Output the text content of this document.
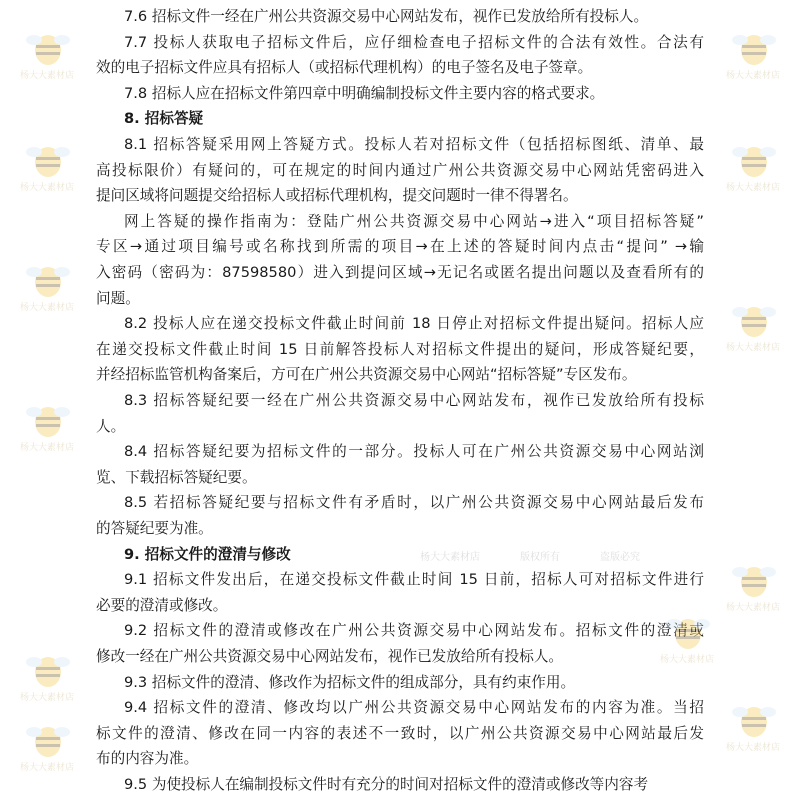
7.6 招标文件一经在广州公共资源交易中心网站发布，视作已发放给所有投标人。
7.7 投标人获取电子招标文件后，应仔细检查电子招标文件的合法有效性。合法有
效的电子招标文件应具有招标人（或招标代理机构）的电子签名及电子签章。
7.8 招标人应在招标文件第四章中明确编制投标文件主要内容的格式要求。
8. 招标答疑
8.1 招标答疑采用网上答疑方式。投标人若对招标文件（包括招标图纸、清单、最
高投标限价）有疑问的，可在规定的时间内通过广州公共资源交易中心网站凭密码进入
提问区域将问题提交给招标人或招标代理机构，提交问题时一律不得署名。
网上答疑的操作指南为：登陆广州公共资源交易中心网站→进入“项目招标答疑”
专区→通过项目编号或名称找到所需的项目→在上述的答疑时间内点击“提问” →输
入密码（密码为：87598580）进入到提问区域→无记名或匿名提出问题以及查看所有的
问题。
8.2 投标人应在递交投标文件截止时间前 18 日停止对招标文件提出疑问。招标人应
在递交投标文件截止时间 15 日前解答投标人对招标文件提出的疑问，形成答疑纪要，
并经招标监管机构备案后，方可在广州公共资源交易中心网站“招标答疑”专区发布。
8.3 招标答疑纪要一经在广州公共资源交易中心网站发布，视作已发放给所有投标
人。
8.4 招标答疑纪要为招标文件的一部分。投标人可在广州公共资源交易中心网站浏
览、下载招标答疑纪要。
8.5 若招标答疑纪要与招标文件有矛盾时，以广州公共资源交易中心网站最后发布
的答疑纪要为准。
9. 招标文件的澄清与修改
9.1 招标文件发出后，在递交投标文件截止时间 15 日前，招标人可对招标文件进行
必要的澄清或修改。
9.2 招标文件的澄清或修改在广州公共资源交易中心网站发布。招标文件的澄清或
修改一经在广州公共资源交易中心网站发布，视作已发放给所有投标人。
9.3 招标文件的澄清、修改作为招标文件的组成部分，具有约束作用。
9.4 招标文件的澄清、修改均以广州公共资源交易中心网站发布的内容为准。当招
标文件的澄清、修改在同一内容的表述不一致时，以广州公共资源交易中心网站最后发
布的内容为准。
9.5 为使投标人在编制投标文件时有充分的时间对招标文件的澄清或修改等内容考
杨大大素材店	杨大大素材店
杨大大素材店	杨大大素材店
杨大大素材店
杨大大素材店
杨大大素材店
杨大大素材店
杨大大素材店
杨大大素材店
杨大大素材店
杨大大素材店
杨大大素材店	版权所有	盗版必究
